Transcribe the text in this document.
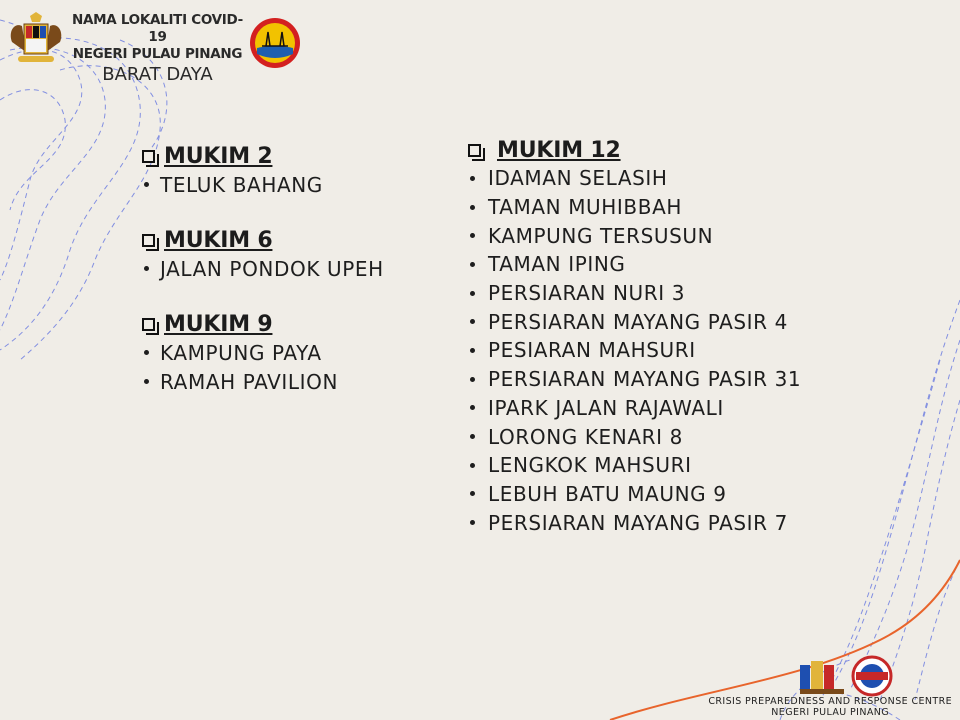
NAMA LOKALITI COVID-19
NEGERI PULAU PINANG
BARAT DAYA
MUKIM 2
TELUK BAHANG
MUKIM 6
JALAN PONDOK UPEH
MUKIM 9
KAMPUNG PAYA
RAMAH PAVILION
MUKIM 12
IDAMAN SELASIH
TAMAN MUHIBBAH
KAMPUNG TERSUSUN
TAMAN IPING
PERSIARAN NURI 3
PERSIARAN MAYANG PASIR 4
PESIARAN MAHSURI
PERSIARAN MAYANG PASIR 31
IPARK JALAN RAJAWALI
LORONG KENARI 8
LENGKOK MAHSURI
LEBUH BATU MAUNG 9
PERSIARAN MAYANG PASIR 7
CRISIS PREPAREDNESS AND RESPONSE CENTRE
NEGERI PULAU PINANG
